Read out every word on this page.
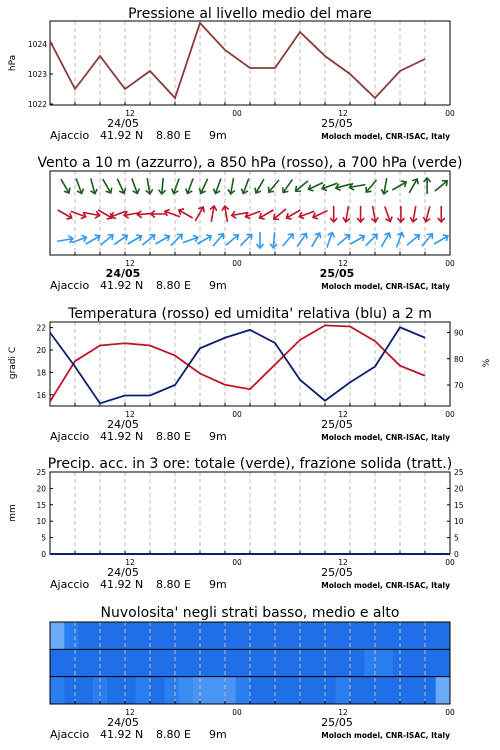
Pressione al livello medio del mare
1022
1023
1024
hPa
12	00	12	00
24/05	25/05
Ajaccio 41.92 N 8.80 E 9m	Moloch model, CNR-ISAC, Italy
Vento a 10 m (azzurro), a 850 hPa (rosso), a 700 hPa (verde)
12	00	12	00
24/05	25/05
Ajaccio 41.92 N 8.80 E 9m	Moloch model, CNR-ISAC, Italy
Temperatura (rosso) ed umidita' relativa (blu) a 2 m
16
18
20
22
70
80
90
gradi C	%
12	00	12	00
24/05	25/05
Ajaccio 41.92 N 8.80 E 9m	Moloch model, CNR-ISAC, Italy
Precip. acc. in 3 ore: totale (verde), frazione solida (tratt.)
0	0
5	5
10	10
15	15
20	20
25	25
mm
12	00	12	00
24/05	25/05
Ajaccio 41.92 N 8.80 E 9m	Moloch model, CNR-ISAC, Italy
Nuvolosita' negli strati basso, medio e alto
12	00	12	00
24/05	25/05
Ajaccio 41.92 N 8.80 E 9m	Moloch model, CNR-ISAC, Italy
